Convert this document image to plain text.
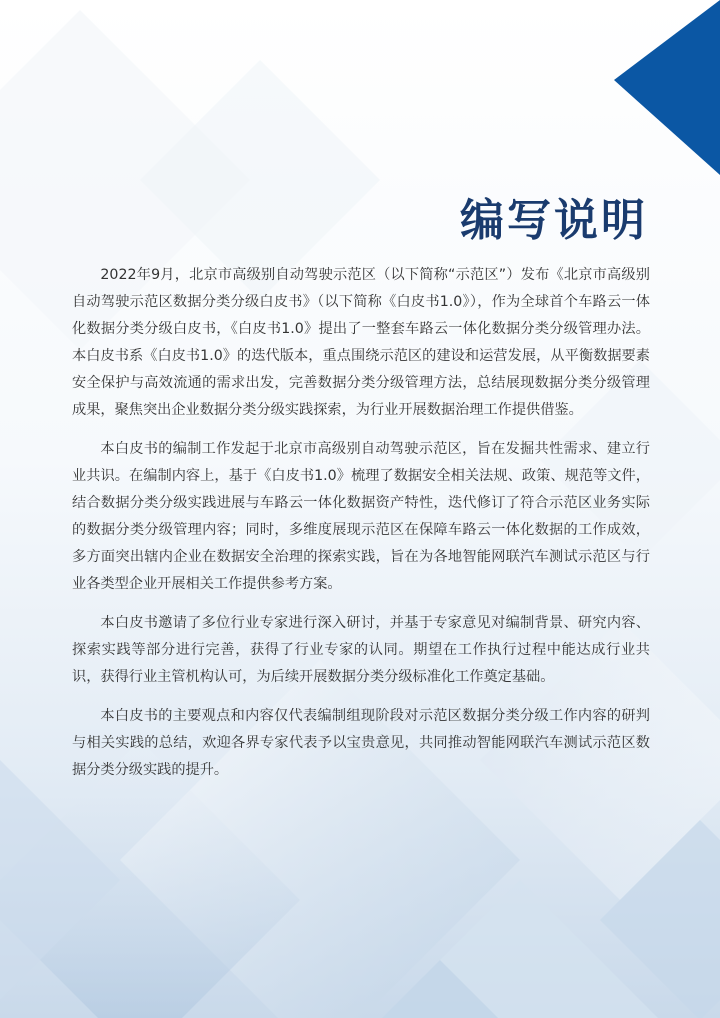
编写说明

2022年9月，北京市高级别自动驾驶示范区（以下简称“示范区”）发布《北京市高级别自动驾驶示范区数据分类分级白皮书》（以下简称《白皮书1.0》），作为全球首个车路云一体化数据分类分级白皮书，《白皮书1.0》提出了一整套车路云一体化数据分类分级管理办法。本白皮书系《白皮书1.0》的迭代版本，重点围绕示范区的建设和运营发展，从平衡数据要素安全保护与高效流通的需求出发，完善数据分类分级管理方法，总结展现数据分类分级管理成果，聚焦突出企业数据分类分级实践探索，为行业开展数据治理工作提供借鉴。

本白皮书的编制工作发起于北京市高级别自动驾驶示范区，旨在发掘共性需求、建立行业共识。在编制内容上，基于《白皮书1.0》梳理了数据安全相关法规、政策、规范等文件，结合数据分类分级实践进展与车路云一体化数据资产特性，迭代修订了符合示范区业务实际的数据分类分级管理内容；同时，多维度展现示范区在保障车路云一体化数据的工作成效，多方面突出辖内企业在数据安全治理的探索实践，旨在为各地智能网联汽车测试示范区与行业各类型企业开展相关工作提供参考方案。

本白皮书邀请了多位行业专家进行深入研讨，并基于专家意见对编制背景、研究内容、探索实践等部分进行完善，获得了行业专家的认同。期望在工作执行过程中能达成行业共识，获得行业主管机构认可，为后续开展数据分类分级标准化工作奠定基础。

本白皮书的主要观点和内容仅代表编制组现阶段对示范区数据分类分级工作内容的研判与相关实践的总结，欢迎各界专家代表予以宝贵意见，共同推动智能网联汽车测试示范区数据分类分级实践的提升。
